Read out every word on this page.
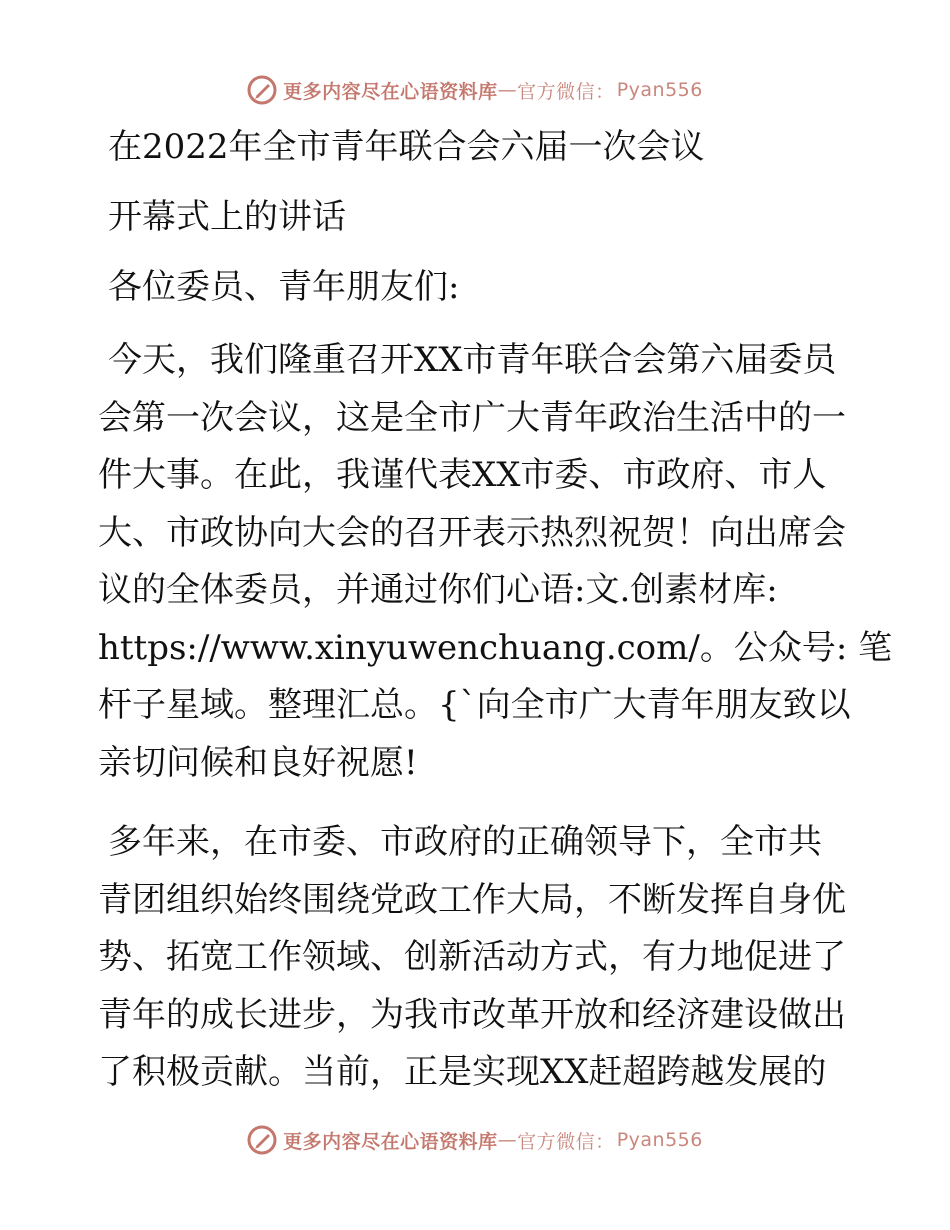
更多内容尽在心语资料库 — 官方微信： Pyan556

在2022年全市青年联合会六届一次会议

开幕式上的讲话

各位委员、青年朋友们:

今天，我们隆重召开XX市青年联合会第六届委员
会第一次会议，这是全市广大青年政治生活中的一
件大事。在此，我谨代表XX市委、市政府、市人
大、市政协向大会的召开表示热烈祝贺！向出席会
议的全体委员，并通过你们心语:文.创素材库:
https://www.xinyuwenchuang.com/。公众号: 笔
杆子星域。整理汇总。{`向全市广大青年朋友致以
亲切问候和良好祝愿!
多年来，在市委、市政府的正确领导下，全市共
青团组织始终围绕党政工作大局，不断发挥自身优
势、拓宽工作领域、创新活动方式，有力地促进了
青年的成长进步，为我市改革开放和经济建设做出
了积极贡献。当前，正是实现XX赶超跨越发展的
更多内容尽在心语资料库 — 官方微信： Pyan556
